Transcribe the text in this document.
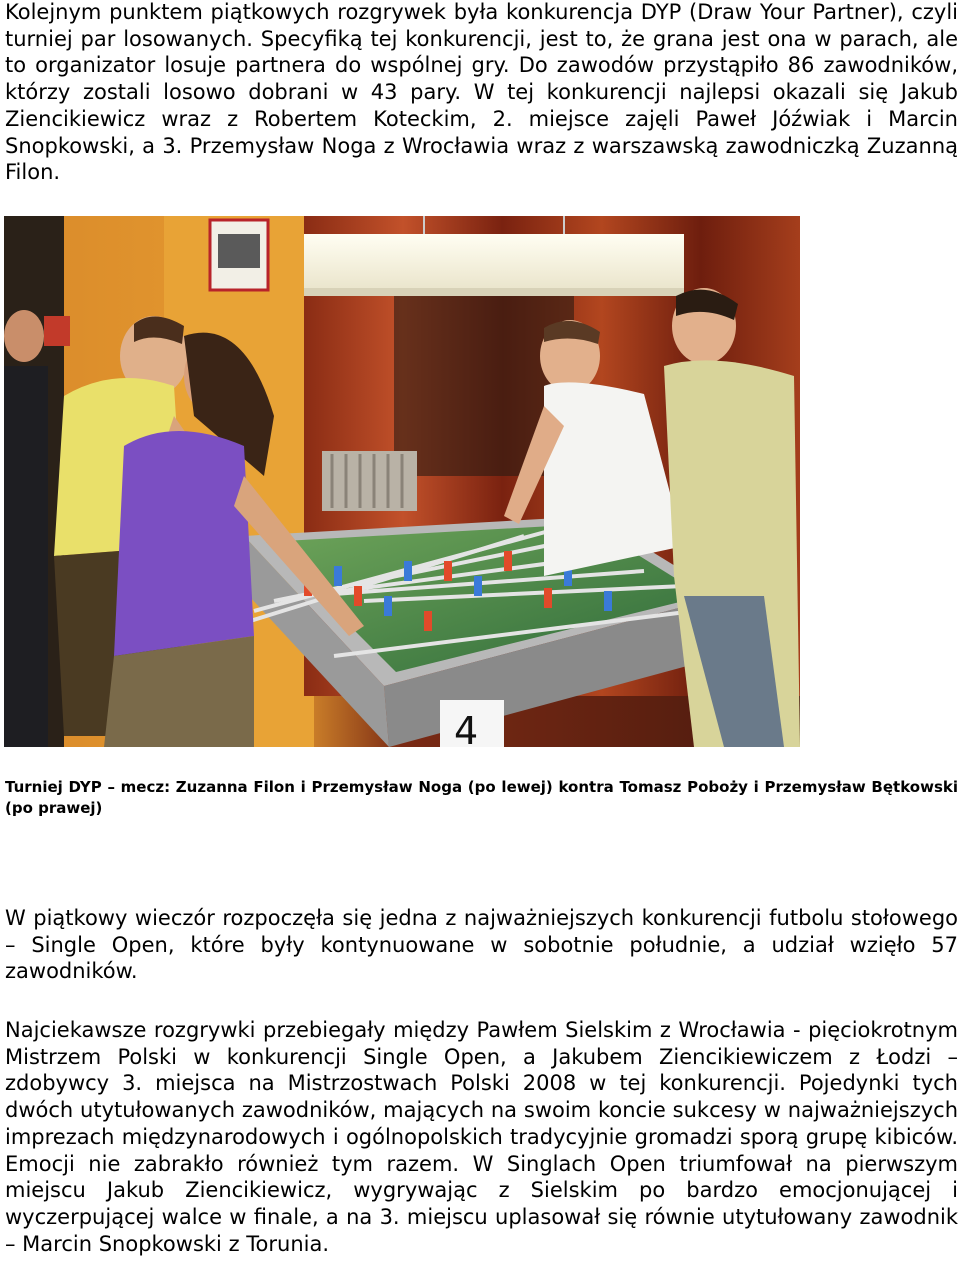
Kolejnym punktem piątkowych rozgrywek była konkurencja DYP (Draw Your Partner), czyli turniej par losowanych. Specyfiką tej konkurencji, jest to, że grana jest ona w parach, ale to organizator losuje partnera do wspólnej gry. Do zawodów przystąpiło 86 zawodników, którzy zostali losowo dobrani w 43 pary. W tej konkurencji najlepsi okazali się Jakub Ziencikiewicz wraz z Robertem Koteckim, 2. miejsce zajęli Paweł Jóźwiak i Marcin Snopkowski, a 3. Przemysław Noga z Wrocławia wraz z warszawską zawodniczką Zuzanną Filon.

4

Turniej DYP – mecz: Zuzanna Filon i Przemysław Noga (po lewej) kontra Tomasz Poboży i Przemysław Bętkowski (po prawej)

W piątkowy wieczór rozpoczęła się jedna z najważniejszych konkurencji futbolu stołowego – Single Open, które były kontynuowane w sobotnie południe, a udział wzięło 57 zawodników.

Najciekawsze rozgrywki przebiegały między Pawłem Sielskim z Wrocławia - pięciokrotnym Mistrzem Polski w konkurencji Single Open, a Jakubem Ziencikiewiczem z Łodzi – zdobywcy 3. miejsca na Mistrzostwach Polski 2008 w tej konkurencji. Pojedynki tych dwóch utytułowanych zawodników, mających na swoim koncie sukcesy w najważniejszych imprezach międzynarodowych i ogólnopolskich tradycyjnie gromadzi sporą grupę kibiców. Emocji nie zabrakło również tym razem. W Singlach Open triumfował na pierwszym miejscu Jakub Ziencikiewicz, wygrywając z Sielskim po bardzo emocjonującej i wyczerpującej walce w finale, a na 3. miejscu uplasował się równie utytułowany zawodnik – Marcin Snopkowski z Torunia.
